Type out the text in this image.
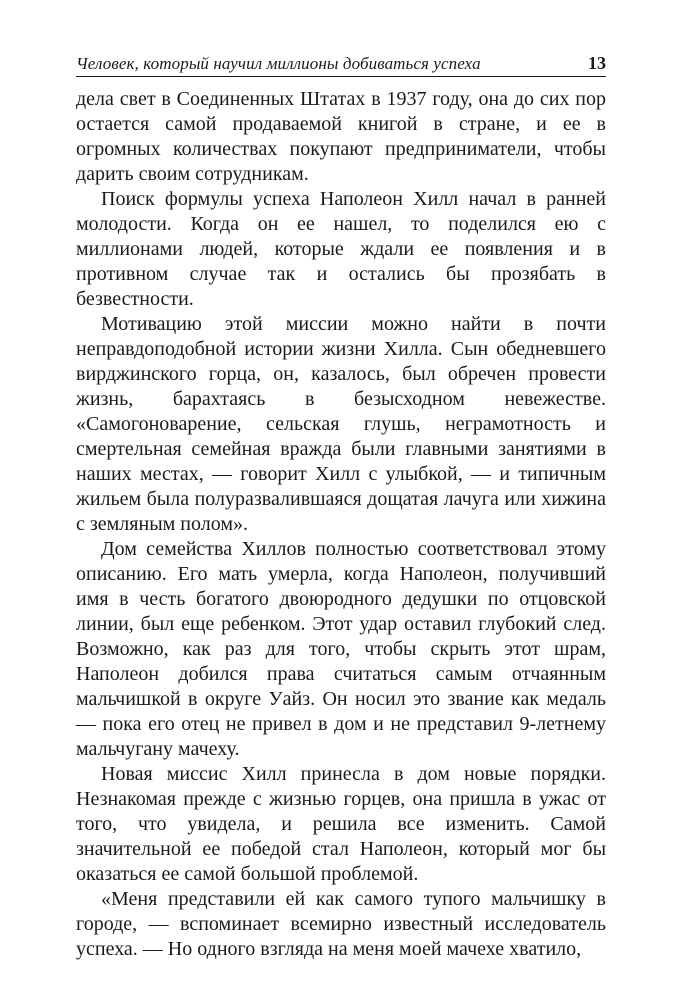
Человек, который научил миллионы добиваться успеха	13

дела свет в Соединенных Штатах в 1937 году, она до сих пор остается самой продаваемой книгой в стране, и ее в огромных количествах покупают предприниматели, чтобы дарить своим сотрудникам.

Поиск формулы успеха Наполеон Хилл начал в ранней молодости. Когда он ее нашел, то поделился ею с миллионами людей, которые ждали ее появления и в противном случае так и остались бы прозябать в безвестности.

Мотивацию этой миссии можно найти в почти неправдоподобной истории жизни Хилла. Сын обедневшего вирджинского горца, он, казалось, был обречен провести жизнь, барахтаясь в безысходном невежестве. «Самогоноварение, сельская глушь, неграмотность и смертельная семейная вражда были главными занятиями в наших местах, — говорит Хилл с улыбкой, — и типичным жильем была полуразвалившаяся дощатая лачуга или хижина с земляным полом».

Дом семейства Хиллов полностью соответствовал этому описанию. Его мать умерла, когда Наполеон, получивший имя в честь богатого двоюродного дедушки по отцовской линии, был еще ребенком. Этот удар оставил глубокий след. Возможно, как раз для того, чтобы скрыть этот шрам, Наполеон добился права считаться самым отчаянным мальчишкой в округе Уайз. Он носил это звание как медаль — пока его отец не привел в дом и не представил 9-летнему мальчугану мачеху.

Новая миссис Хилл принесла в дом новые порядки. Незнакомая прежде с жизнью горцев, она пришла в ужас от того, что увидела, и решила все изменить. Самой значительной ее победой стал Наполеон, который мог бы оказаться ее самой большой проблемой.

«Меня представили ей как самого тупого мальчишку в городе, — вспоминает всемирно известный исследователь успеха. — Но одного взгляда на меня моей мачехе хватило,
